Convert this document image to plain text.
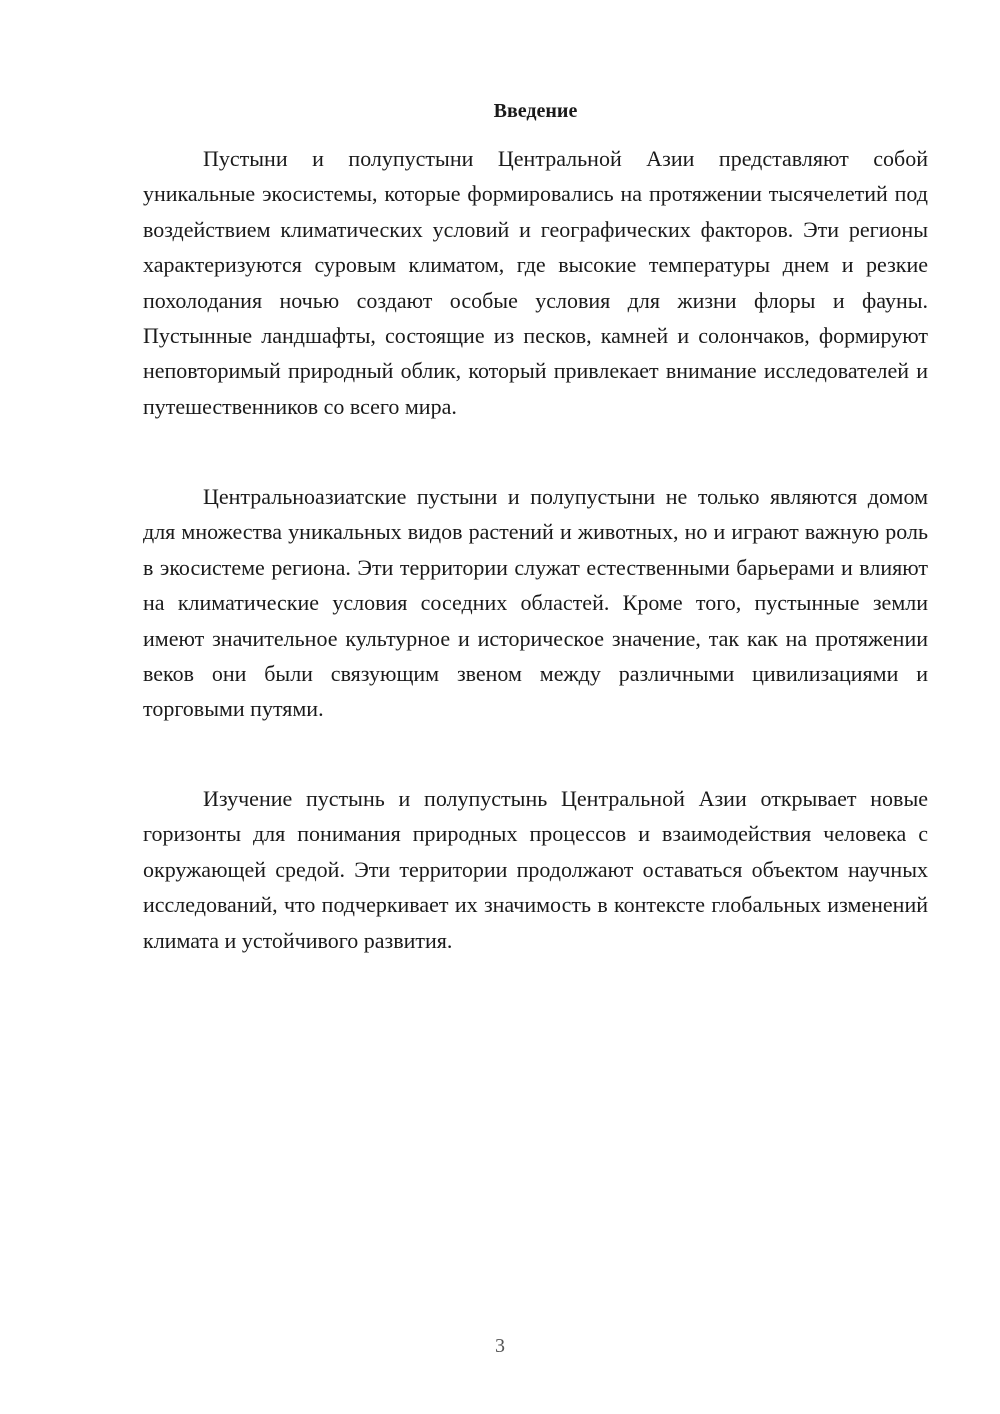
Введение

Пустыни и полупустыни Центральной Азии представляют собой уникальные экосистемы, которые формировались на протяжении тысячелетий под воздействием климатических условий и географических факторов. Эти регионы характеризуются суровым климатом, где высокие температуры днем и резкие похолодания ночью создают особые условия для жизни флоры и фауны. Пустынные ландшафты, состоящие из песков, камней и солончаков, формируют неповторимый природный облик, который привлекает внимание исследователей и путешественников со всего мира.

Центральноазиатские пустыни и полупустыни не только являются домом для множества уникальных видов растений и животных, но и играют важную роль в экосистеме региона. Эти территории служат естественными барьерами и влияют на климатические условия соседних областей. Кроме того, пустынные земли имеют значительное культурное и историческое значение, так как на протяжении веков они были связующим звеном между различными цивилизациями и торговыми путями.

Изучение пустынь и полупустынь Центральной Азии открывает новые горизонты для понимания природных процессов и взаимодействия человека с окружающей средой. Эти территории продолжают оставаться объектом научных исследований, что подчеркивает их значимость в контексте глобальных изменений климата и устойчивого развития.

3
